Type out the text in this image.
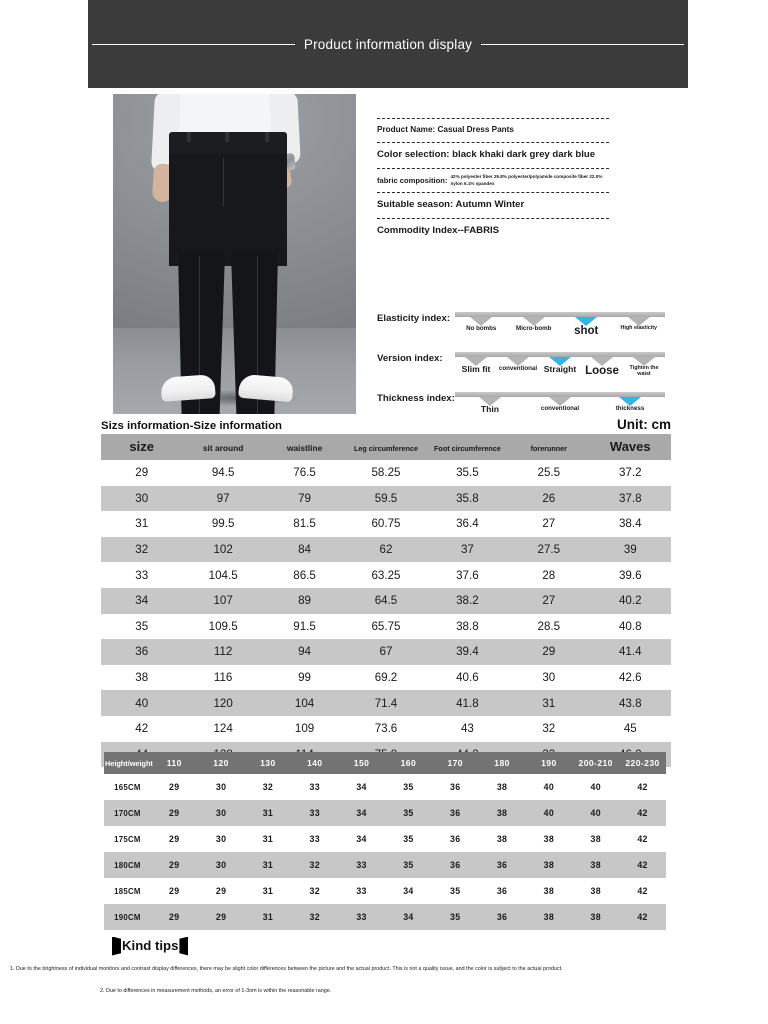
Product information display
Product Name: Casual Dress Pants
Color selection: black khaki dark grey dark blue
fabric composition: 42% polyester fiber 29.8% polyester/polyamide composite fiber 22.0% nylon 6.1% spandex
Suitable season: Autumn Winter
Commodity Index--FABRIS
Elasticity index:
No bombs	Micro-bomb	shot	High elasticity
Version index:
Slim fit	conventional Straight Loose	Tighten the waist
Thickness index:
Thin	conventional	thickness
Sizs information-Size information	Unit: cm
size	sit around	waistline	Leg circumference	Foot circumference	forerunner	Waves
29	94.5	76.5	58.25	35.5	25.5	37.2
30	97	79	59.5	35.8	26	37.8
31	99.5	81.5	60.75	36.4	27	38.4
32	102	84	62	37	27.5	39
33	104.5	86.5	63.25	37.6	28	39.6
34	107	89	64.5	38.2	27	40.2
35	109.5	91.5	65.75	38.8	28.5	40.8
36	112	94	67	39.4	29	41.4
38	116	99	69.2	40.6	30	42.6
40	120	104	71.4	41.8	31	43.8
42	124	109	73.6	43	32	45

Height/weight	110	120	130	140	150	160	170	180	190	200-210	220-230
165CM	29	30	32	33	34	35	36	38	40	40	42
170CM	29	30	31	33	34	35	36	38	40	40	42
175CM	29	30	31	33	34	35	36	38	38	38	42
180CM	29	30	31	32	33	35	36	36	38	38	42
185CM	29	29	31	32	33	34	35	36	38	38	42
190CM	29	29	31	32	33	34	35	36	38	38	42
Kind tips
1. Due to the brightness of individual monitors and contrast display differences, there may be slight color differences between the picture and the actual product. This is not a quality issue, and the color is subject to the actual product.
2. Due to differences in measurement methods, an error of 1-3om is within the reasonable range.
